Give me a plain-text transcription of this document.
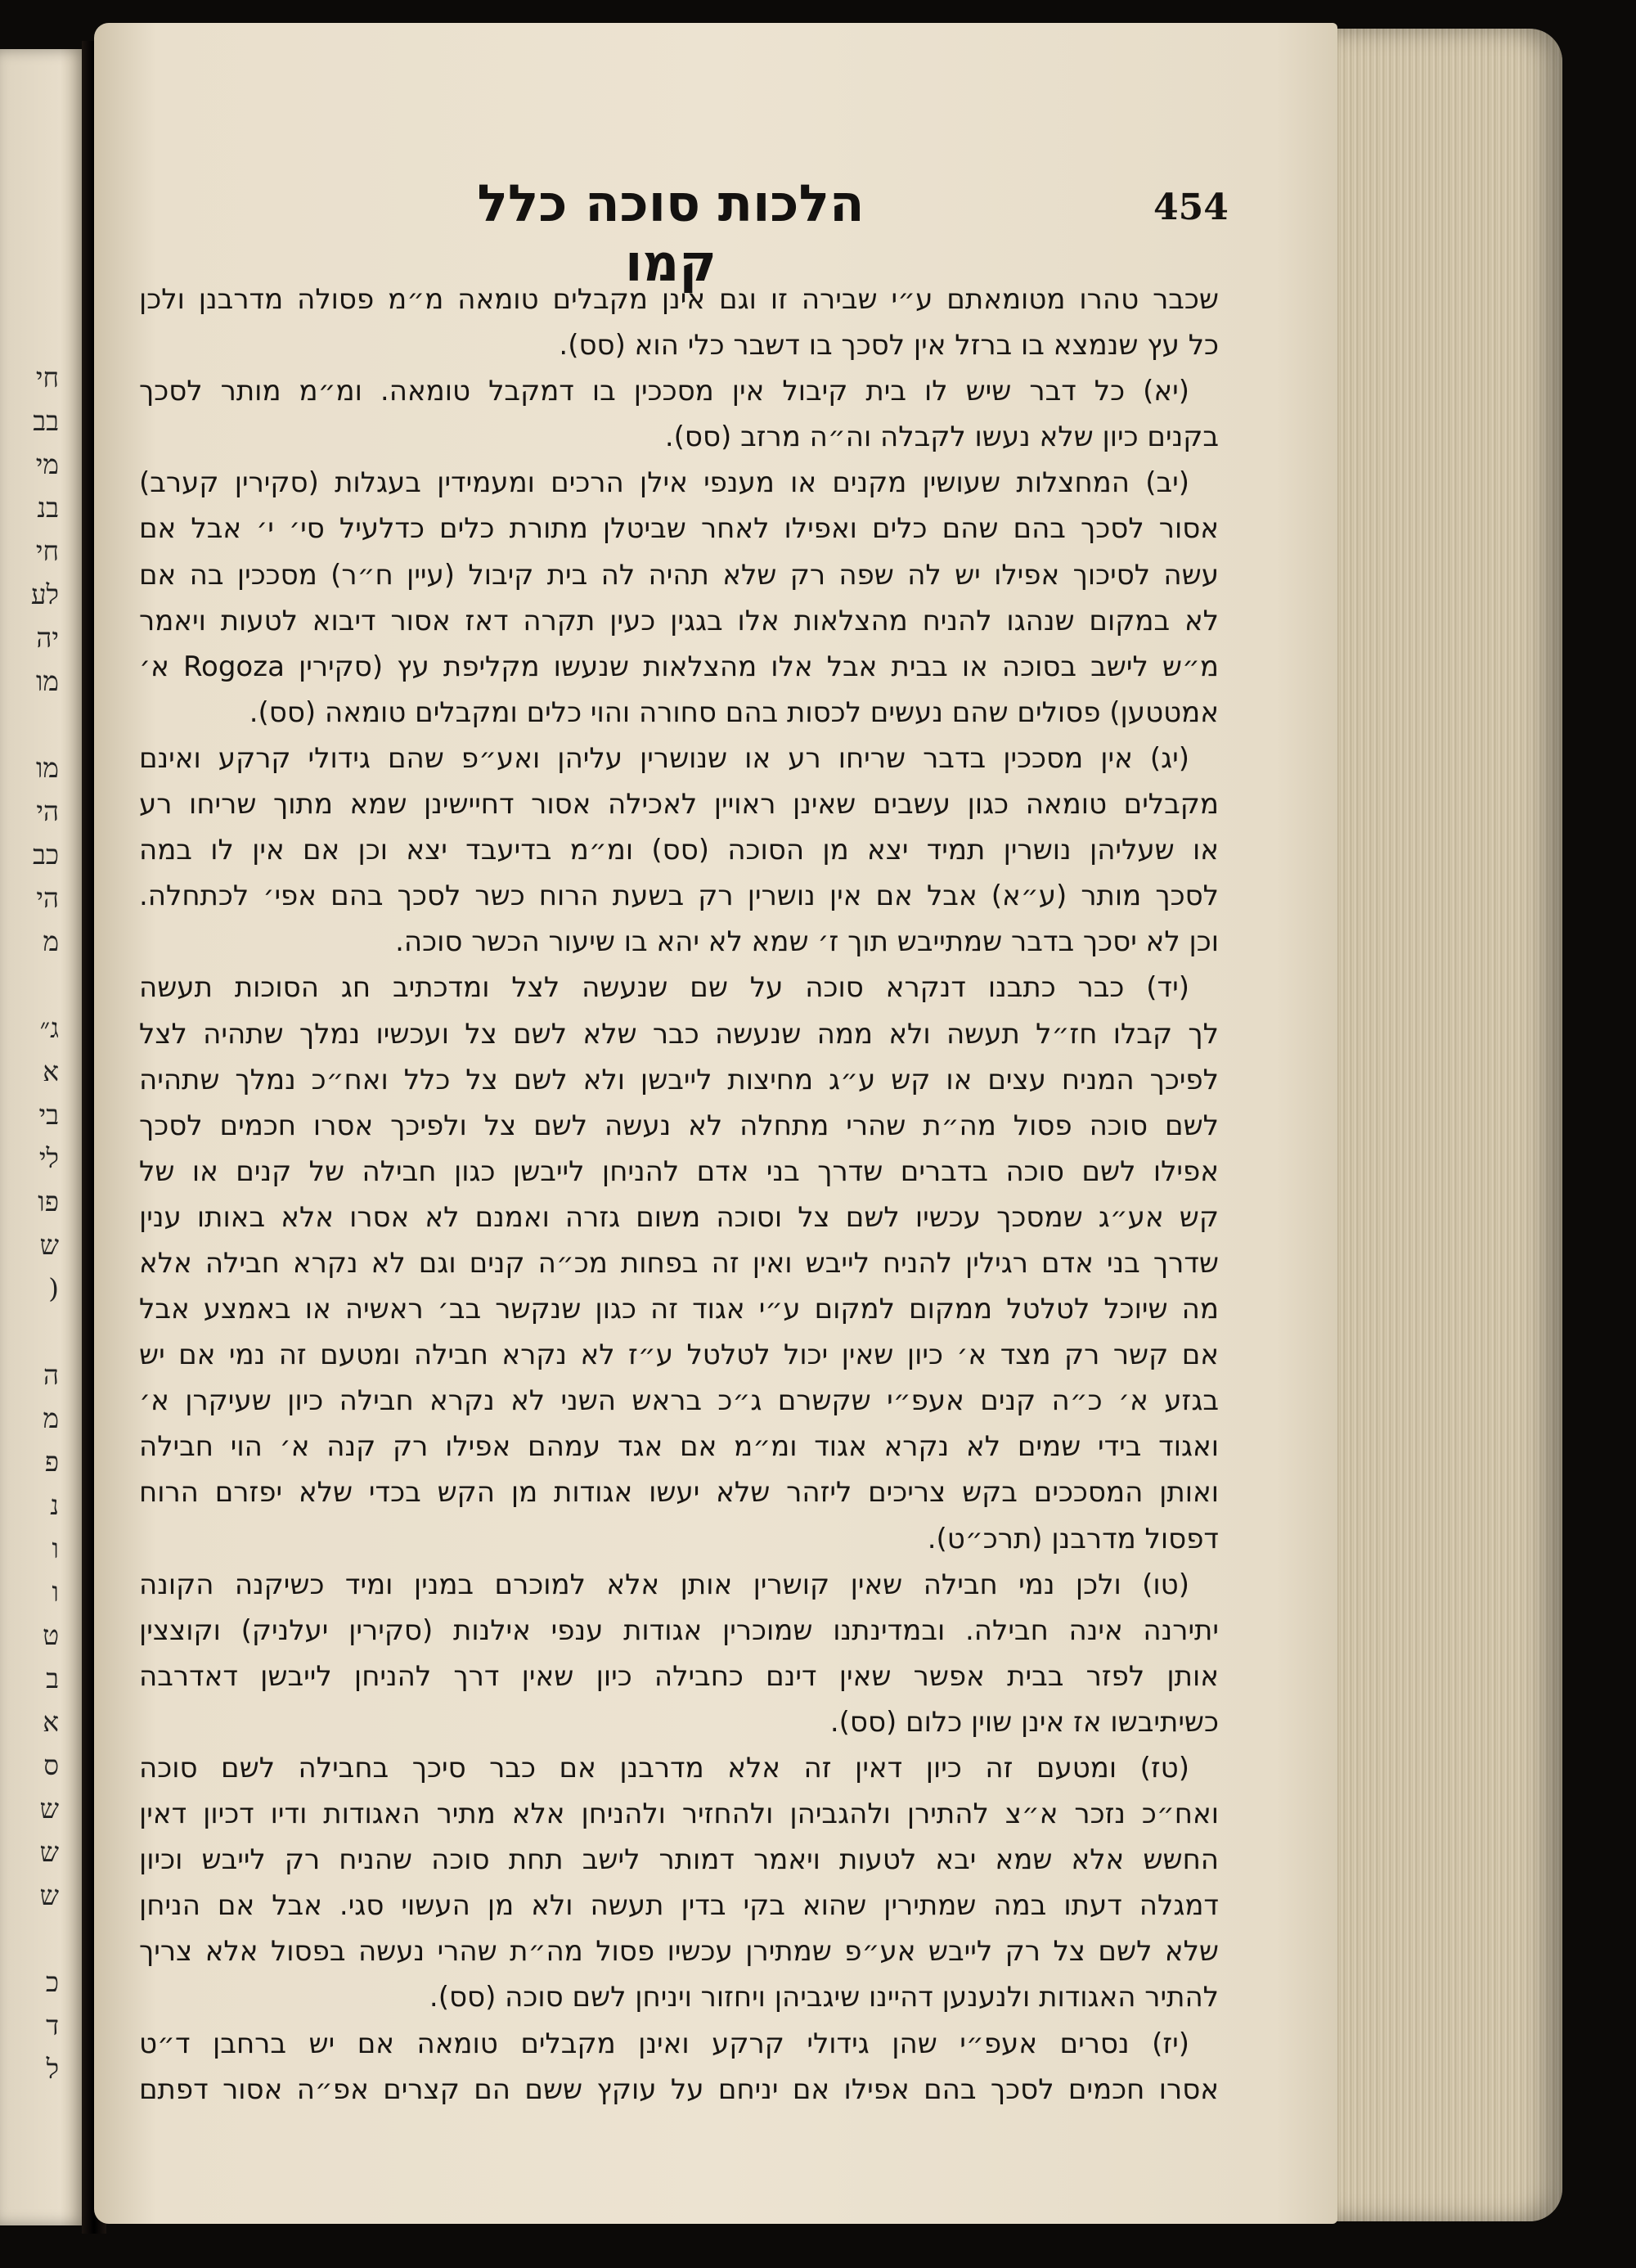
חי
בב
מי
בנ
חי
לע
יה
מו
מו
הי
כב
הי
מ
ג״
א
בי
לי
פו
ש
(
ה
מ
פ
נ
ו
ו
ט
ב
א
ס
ש
ש
ש
כ
ד
ל
454
הלכות סוכה כלל קמו
שכבר טהרו מטומאתם ע״י שבירה זו וגם אינן מקבלים טומאה מ״מ פסולה מדרבנן ולכן
כל עץ שנמצא בו ברזל אין לסכך בו דשבר כלי הוא (סס).
(יא) כל דבר שיש לו בית קיבול אין מסככין בו דמקבל טומאה. ומ״מ מותר לסכך
בקנים כיון שלא נעשו לקבלה וה״ה מרזב (סס).
(יב) המחצלות שעושין מקנים או מענפי אילן הרכים ומעמידין בעגלות (סקירין קערב)
אסור לסכך בהם שהם כלים ואפילו לאחר שביטלן מתורת כלים כדלעיל סי׳ י׳ אבל אם
עשה לסיכוך אפילו יש לה שפה רק שלא תהיה לה בית קיבול (עיין ח״ר) מסככין בה אם
לא במקום שנהגו להניח מהצלאות אלו בגגין כעין תקרה דאז אסור דיבוא לטעות ויאמר
מ״ש לישב בסוכה או בבית אבל אלו מהצלאות שנעשו מקליפת עץ (סקירין Rogoza א׳
אמטטען) פסולים שהם נעשים לכסות בהם סחורה והוי כלים ומקבלים טומאה (סס).
(יג) אין מסככין בדבר שריחו רע או שנושרין עליהן ואע״פ שהם גידולי קרקע ואינם
מקבלים טומאה כגון עשבים שאינן ראויין לאכילה אסור דחיישינן שמא מתוך שריחו רע
או שעליהן נושרין תמיד יצא מן הסוכה (סס) ומ״מ בדיעבד יצא וכן אם אין לו במה
לסכך מותר (ע״א) אבל אם אין נושרין רק בשעת הרוח כשר לסכך בהם אפי׳ לכתחלה.
וכן לא יסכך בדבר שמתייבש תוך ז׳ שמא לא יהא בו שיעור הכשר סוכה.
(יד) כבר כתבנו דנקרא סוכה על שם שנעשה לצל ומדכתיב חג הסוכות תעשה
לך קבלו חז״ל תעשה ולא ממה שנעשה כבר שלא לשם צל ועכשיו נמלך שתהיה לצל
לפיכך המניח עצים או קש ע״ג מחיצות לייבשן ולא לשם צל כלל ואח״כ נמלך שתהיה
לשם סוכה פסול מה״ת שהרי מתחלה לא נעשה לשם צל ולפיכך אסרו חכמים לסכך
אפילו לשם סוכה בדברים שדרך בני אדם להניחן לייבשן כגון חבילה של קנים או של
קש אע״ג שמסכך עכשיו לשם צל וסוכה משום גזרה ואמנם לא אסרו אלא באותו ענין
שדרך בני אדם רגילין להניח לייבש ואין זה בפחות מכ״ה קנים וגם לא נקרא חבילה אלא
מה שיוכל לטלטל ממקום למקום ע״י אגוד זה כגון שנקשר בב׳ ראשיה או באמצע אבל
אם קשר רק מצד א׳ כיון שאין יכול לטלטל ע״ז לא נקרא חבילה ומטעם זה נמי אם יש
בגזע א׳ כ״ה קנים אעפ״י שקשרם ג״כ בראש השני לא נקרא חבילה כיון שעיקרן א׳
ואגוד בידי שמים לא נקרא אגוד ומ״מ אם אגד עמהם אפילו רק קנה א׳ הוי חבילה
ואותן המסככים בקש צריכים ליזהר שלא יעשו אגודות מן הקש בכדי שלא יפזרם הרוח
דפסול מדרבנן (תרכ״ט).
(טו) ולכן נמי חבילה שאין קושרין אותן אלא למוכרם במנין ומיד כשיקנה הקונה
יתירנה אינה חבילה. ובמדינתנו שמוכרין אגודות ענפי אילנות (סקירין יעלניק) וקוצצין
אותן לפזר בבית אפשר שאין דינם כחבילה כיון שאין דרך להניחן לייבשן דאדרבה
כשיתיבשו אז אינן שוין כלום (סס).
(טז) ומטעם זה כיון דאין זה אלא מדרבנן אם כבר סיכך בחבילה לשם סוכה
ואח״כ נזכר א״צ להתירן ולהגביהן ולהחזיר ולהניחן אלא מתיר האגודות ודיו דכיון דאין
החשש אלא שמא יבא לטעות ויאמר דמותר לישב תחת סוכה שהניח רק לייבש וכיון
דמגלה דעתו במה שמתירין שהוא בקי בדין תעשה ולא מן העשוי סגי. אבל אם הניחן
שלא לשם צל רק לייבש אע״פ שמתירן עכשיו פסול מה״ת שהרי נעשה בפסול אלא צריך
להתיר האגודות ולנענען דהיינו שיגביהן ויחזור ויניחן לשם סוכה (סס).
(יז) נסרים אעפ״י שהן גידולי קרקע ואינן מקבלים טומאה אם יש ברחבן ד״ט
אסרו חכמים לסכך בהם אפילו אם יניחם על עוקץ ששם הם קצרים אפ״ה אסור דפתם
